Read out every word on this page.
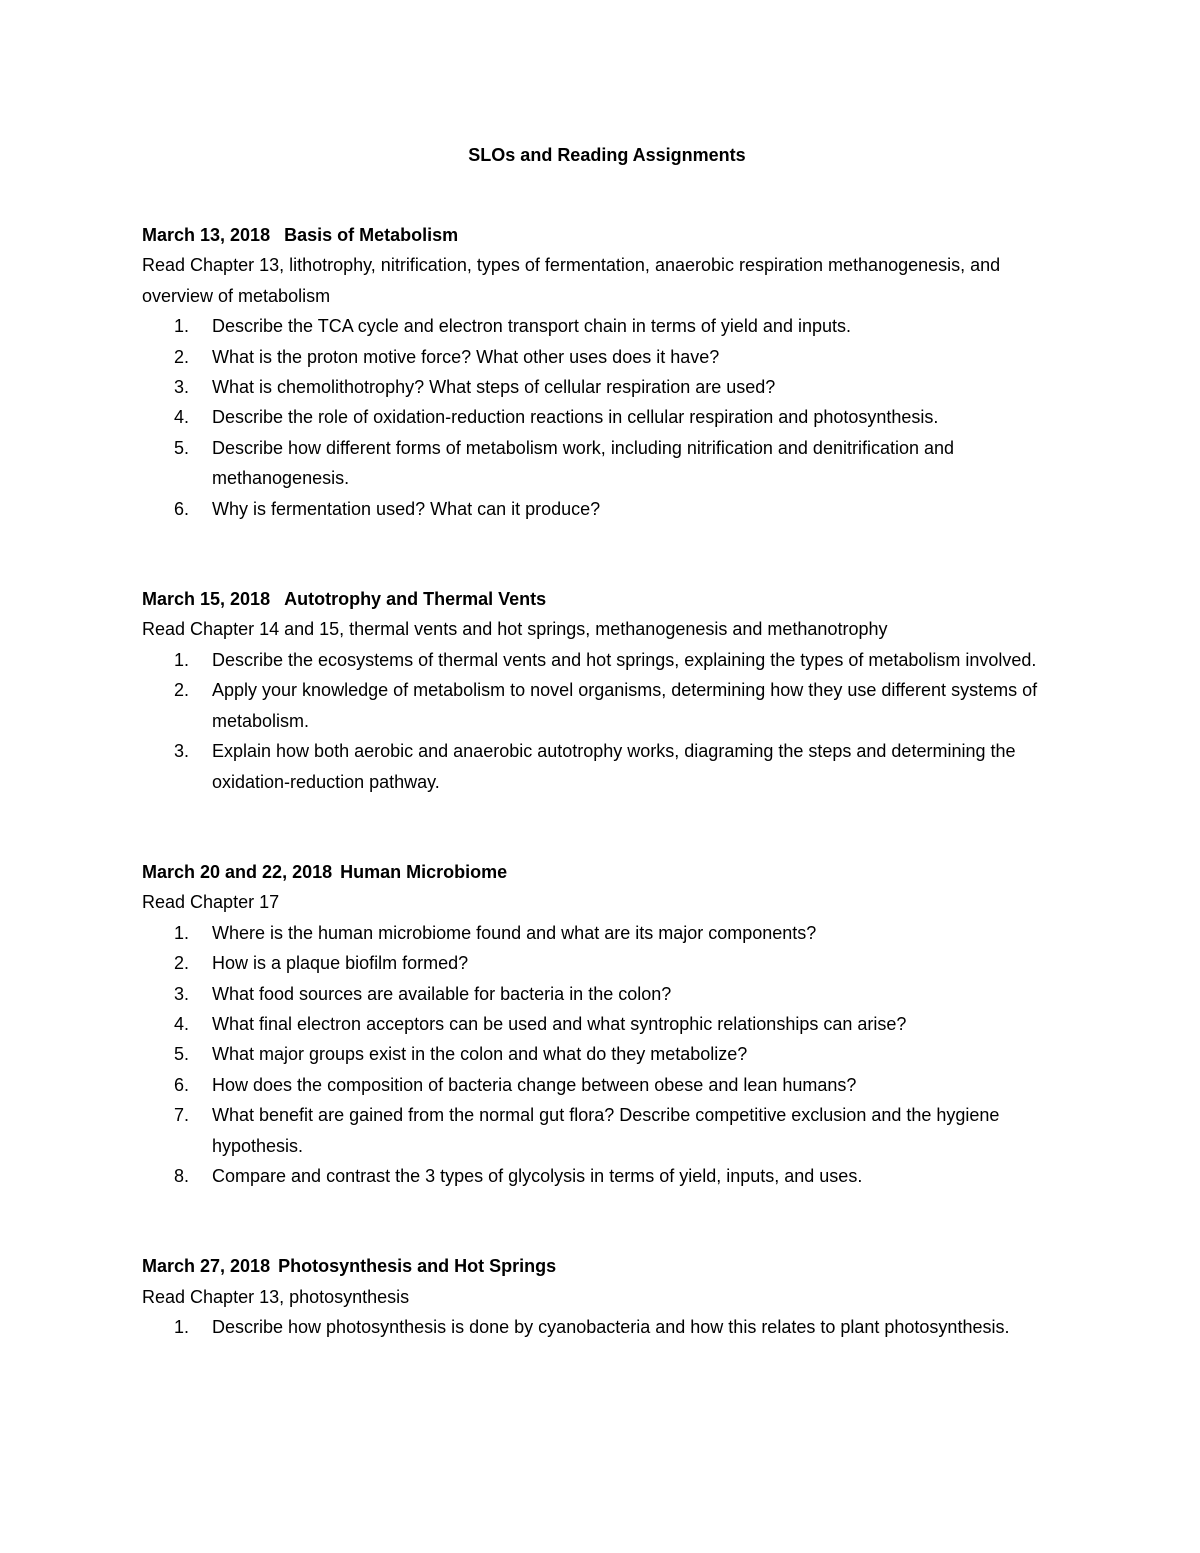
SLOs and Reading Assignments
March 13, 2018 Basis of Metabolism
Read Chapter 13, lithotrophy, nitrification, types of fermentation, anaerobic respiration methanogenesis, and overview of metabolism
1. Describe the TCA cycle and electron transport chain in terms of yield and inputs.
2. What is the proton motive force? What other uses does it have?
3. What is chemolithotrophy? What steps of cellular respiration are used?
4. Describe the role of oxidation-reduction reactions in cellular respiration and photosynthesis.
5. Describe how different forms of metabolism work, including nitrification and denitrification and methanogenesis.
6. Why is fermentation used? What can it produce?
March 15, 2018 Autotrophy and Thermal Vents
Read Chapter 14 and 15, thermal vents and hot springs, methanogenesis and methanotrophy
1. Describe the ecosystems of thermal vents and hot springs, explaining the types of metabolism involved.
2. Apply your knowledge of metabolism to novel organisms, determining how they use different systems of metabolism.
3. Explain how both aerobic and anaerobic autotrophy works, diagraming the steps and determining the oxidation-reduction pathway.
March 20 and 22, 2018 Human Microbiome
Read Chapter 17
1. Where is the human microbiome found and what are its major components?
2. How is a plaque biofilm formed?
3. What food sources are available for bacteria in the colon?
4. What final electron acceptors can be used and what syntrophic relationships can arise?
5. What major groups exist in the colon and what do they metabolize?
6. How does the composition of bacteria change between obese and lean humans?
7. What benefit are gained from the normal gut flora? Describe competitive exclusion and the hygiene hypothesis.
8. Compare and contrast the 3 types of glycolysis in terms of yield, inputs, and uses.
March 27, 2018 Photosynthesis and Hot Springs
Read Chapter 13, photosynthesis
1. Describe how photosynthesis is done by cyanobacteria and how this relates to plant photosynthesis.
